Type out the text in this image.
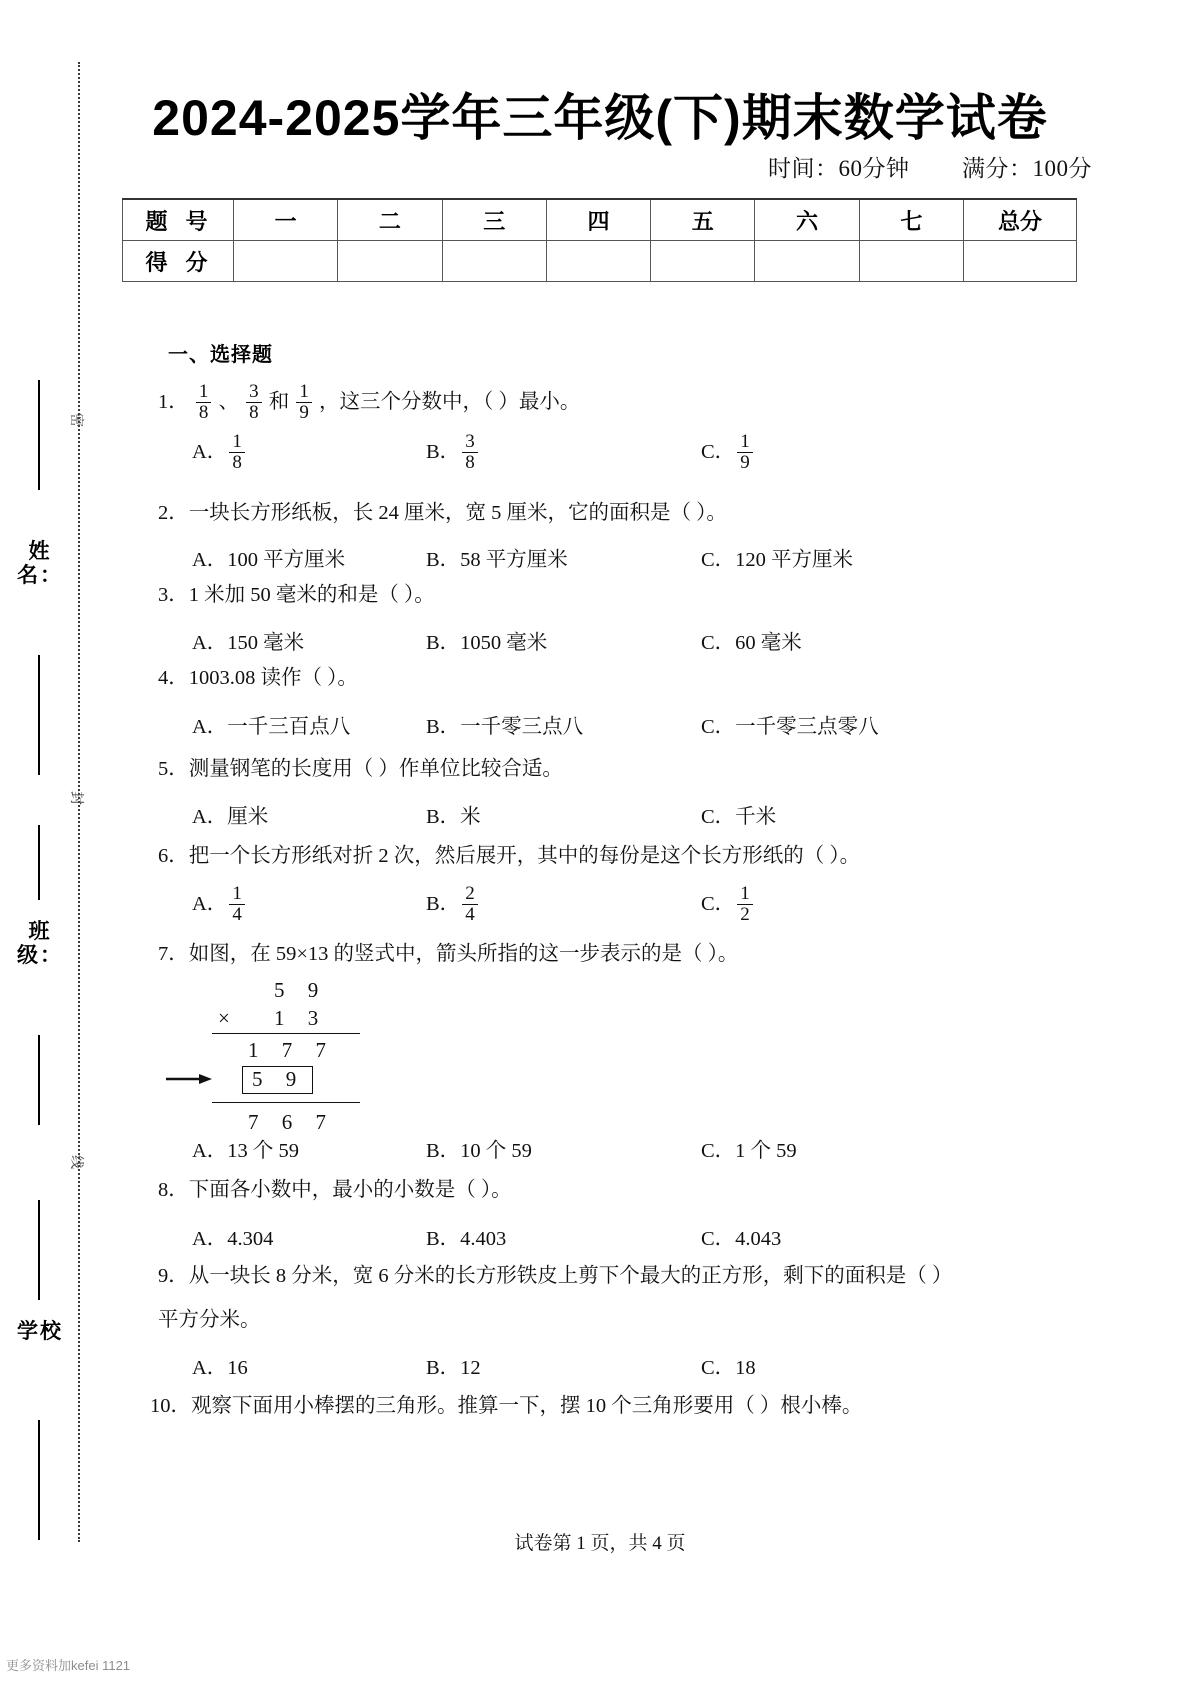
密
封
线
姓名：
班级：
学校
2024-2025学年三年级(下)期末数学试卷
时间：60分钟 满分：100分
题 号	一	二	三	四	五	六	七	总分
得 分								
一、选择题
1． $\frac{1}{8}$ 、 $\frac{3}{8}$ 和 $\frac{1}{9}$ ，这三个分数中，（ ）最小。
A． $\frac{1}{8}$	B． $\frac{3}{8}$	C． $\frac{1}{9}$
2．一块长方形纸板，长 24 厘米，宽 5 厘米，它的面积是（ ）。
A．100 平方厘米	B．58 平方厘米	C．120 平方厘米
3．1 米加 50 毫米的和是（ ）。
A．150 毫米	B．1050 毫米	C．60 毫米
4．1003.08 读作（ ）。
A．一千三百点八	B．一千零三点八	C．一千零三点零八
5．测量钢笔的长度用（ ）作单位比较合适。
A．厘米	B．米	C．千米
6．把一个长方形纸对折 2 次，然后展开，其中的每份是这个长方形纸的（ ）。
A． $\frac{1}{4}$	B． $\frac{2}{4}$	C． $\frac{1}{2}$
7．如图，在 59×13 的竖式中，箭头所指的这一步表示的是（ ）。
5 9
× 1 3
1 7 7
5 9
7 6 7
A．13 个 59	B．10 个 59	C．1 个 59
8．下面各小数中，最小的小数是（ ）。
A．4.304	B．4.403	C．4.043
9．从一块长 8 分米，宽 6 分米的长方形铁皮上剪下个最大的正方形，剩下的面积是（ ）
平方分米。
A．16	B．12	C．18
10．观察下面用小棒摆的三角形。推算一下，摆 10 个三角形要用（ ）根小棒。
试卷第 1 页，共 4 页
更多资料加kefei 1121
